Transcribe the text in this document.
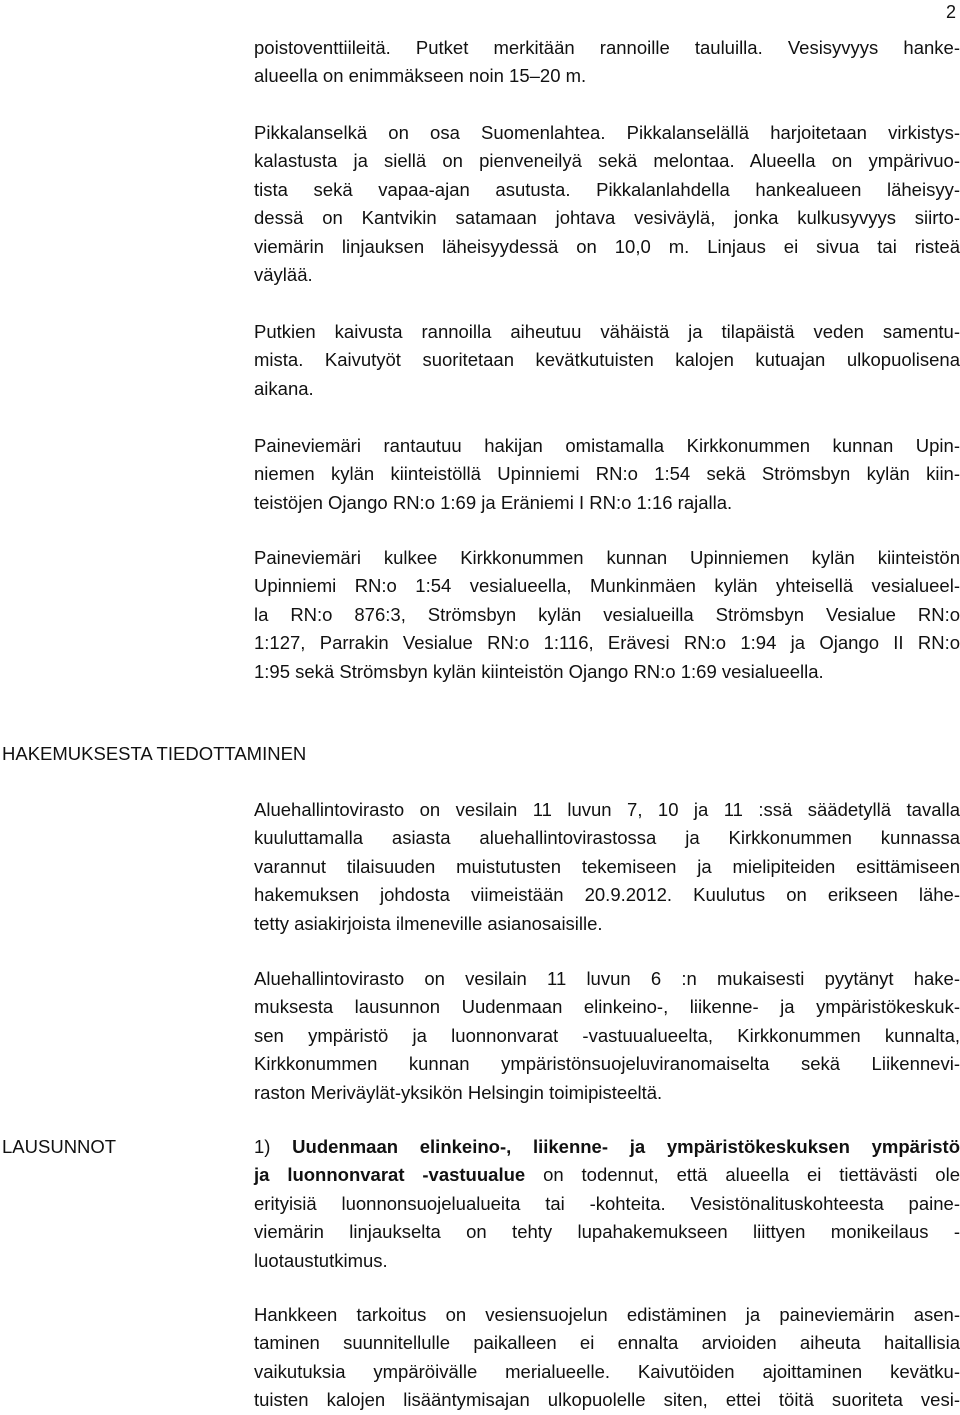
2
poistoventtiileitä. Putket merkitään rannoille tauluilla. Vesisyvyys hanke-
alueella on enimmäkseen noin 15–20 m.
Pikkalanselkä on osa Suomenlahtea. Pikkalanselällä harjoitetaan virkistys-
kalastusta ja siellä on pienveneilyä sekä melontaa. Alueella on ympärivuo-
tista sekä vapaa-ajan asutusta. Pikkalanlahdella hankealueen läheisyy-
dessä on Kantvikin satamaan johtava vesiväylä, jonka kulkusyvyys siirto-
viemärin linjauksen läheisyydessä on 10,0 m. Linjaus ei sivua tai risteä
väylää.
Putkien kaivusta rannoilla aiheutuu vähäistä ja tilapäistä veden samentu-
mista. Kaivutyöt suoritetaan kevätkutuisten kalojen kutuajan ulkopuolisena
aikana.
Paineviemäri rantautuu hakijan omistamalla Kirkkonummen kunnan Upin-
niemen kylän kiinteistöllä Upinniemi RN:o 1:54 sekä Strömsbyn kylän kiin-
teistöjen Ojango RN:o 1:69 ja Eräniemi I RN:o 1:16 rajalla.
Paineviemäri kulkee Kirkkonummen kunnan Upinniemen kylän kiinteistön
Upinniemi RN:o 1:54 vesialueella, Munkinmäen kylän yhteisellä vesialueel-
la RN:o 876:3, Strömsbyn kylän vesialueilla Strömsbyn Vesialue RN:o
1:127, Parrakin Vesialue RN:o 1:116, Erävesi RN:o 1:94 ja Ojango II RN:o
1:95 sekä Strömsbyn kylän kiinteistön Ojango RN:o 1:69 vesialueella.
HAKEMUKSESTA TIEDOTTAMINEN
Aluehallintovirasto on vesilain 11 luvun 7, 10 ja 11 :ssä säädetyllä tavalla
kuuluttamalla asiasta aluehallintovirastossa ja Kirkkonummen kunnassa
varannut tilaisuuden muistutusten tekemiseen ja mielipiteiden esittämiseen
hakemuksen johdosta viimeistään 20.9.2012. Kuulutus on erikseen lähe-
tetty asiakirjoista ilmeneville asianosaisille.
Aluehallintovirasto on vesilain 11 luvun 6 :n mukaisesti pyytänyt hake-
muksesta lausunnon Uudenmaan elinkeino-, liikenne- ja ympäristökeskuk-
sen ympäristö ja luonnonvarat -vastuualueelta, Kirkkonummen kunnalta,
Kirkkonummen kunnan ympäristönsuojeluviranomaiselta sekä Liikennevi-
raston Meriväylät-yksikön Helsingin toimipisteeltä.
LAUSUNNOT	1) Uudenmaan elinkeino-, liikenne- ja ympäristökeskuksen ympäristö
ja luonnonvarat -vastuualue on todennut, että alueella ei tiettävästi ole
erityisiä luonnonsuojelualueita tai -kohteita. Vesistönalituskohteesta paine-
viemärin linjaukselta on tehty lupahakemukseen liittyen monikeilaus -
luotaustutkimus.
Hankkeen tarkoitus on vesiensuojelun edistäminen ja paineviemärin asen-
taminen suunnitellulle paikalleen ei ennalta arvioiden aiheuta haitallisia
vaikutuksia ympäröivälle merialueelle. Kaivutöiden ajoittaminen kevätku-
tuisten kalojen lisääntymisajan ulkopuolelle siten, ettei töitä suoriteta vesi-
